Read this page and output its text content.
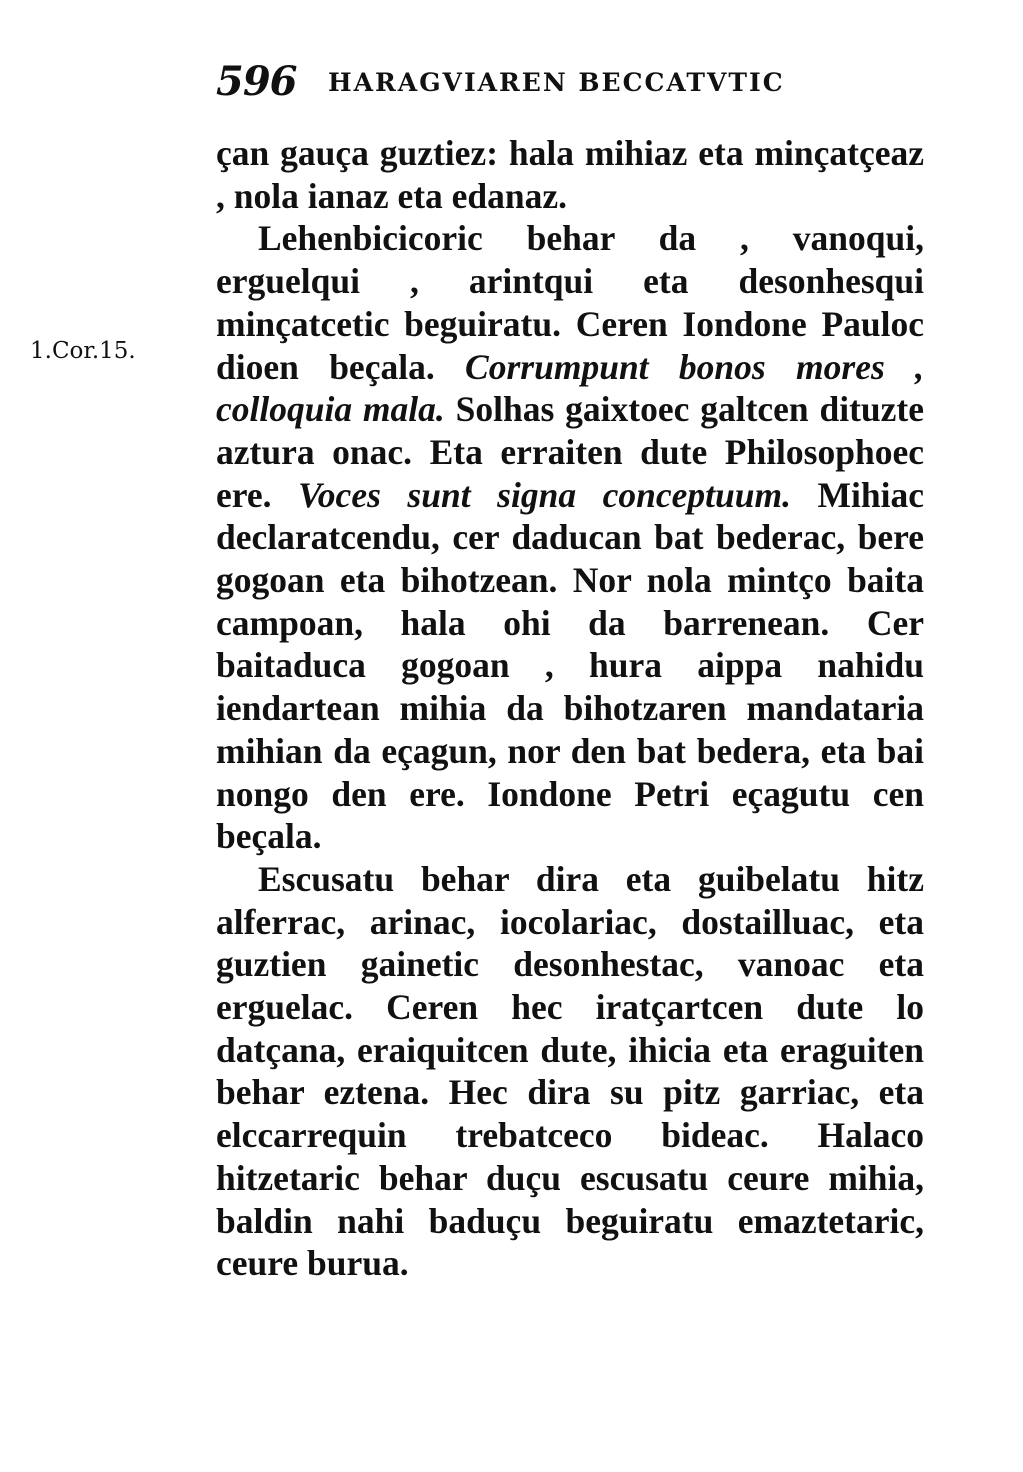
596 HARAGVIAREN BECCATVTIC
1.Cor.15.

çan gauça guztiez: hala mihiaz eta minçatçeaz , nola ianaz eta edanaz.

Lehenbicicoric behar da , vanoqui, erguelqui , arintqui eta desonhesqui minçatcetic beguiratu. Ceren Iondone Pauloc dioen beçala. Corrumpunt bonos mores , colloquia mala. Solhas gaixtoec galtcen dituzte aztura onac. Eta erraiten dute Philosophoec ere. Voces sunt signa conceptuum. Mihiac declaratcendu, cer daducan bat bederac, bere gogoan eta bihotzean. Nor nola mintço baita campoan, hala ohi da barrenean. Cer baitaduca gogoan , hura aippa nahidu iendartean mihia da bihotzaren mandataria mihian da eçagun, nor den bat bedera, eta bai nongo den ere. Iondone Petri eçagutu cen beçala.

Escusatu behar dira eta guibelatu hitz alferrac, arinac, iocolariac, dostailluac, eta guztien gainetic desonhestac, vanoac eta erguelac. Ceren hec iratçartcen dute lo datçana, eraiquitcen dute, ihicia eta eraguiten behar eztena. Hec dira su pitz garriac, eta elccarrequin trebatceco bideac. Halaco hitzetaric behar duçu escusatu ceure mihia, baldin nahi baduçu beguiratu emaztetaric, ceure burua.
